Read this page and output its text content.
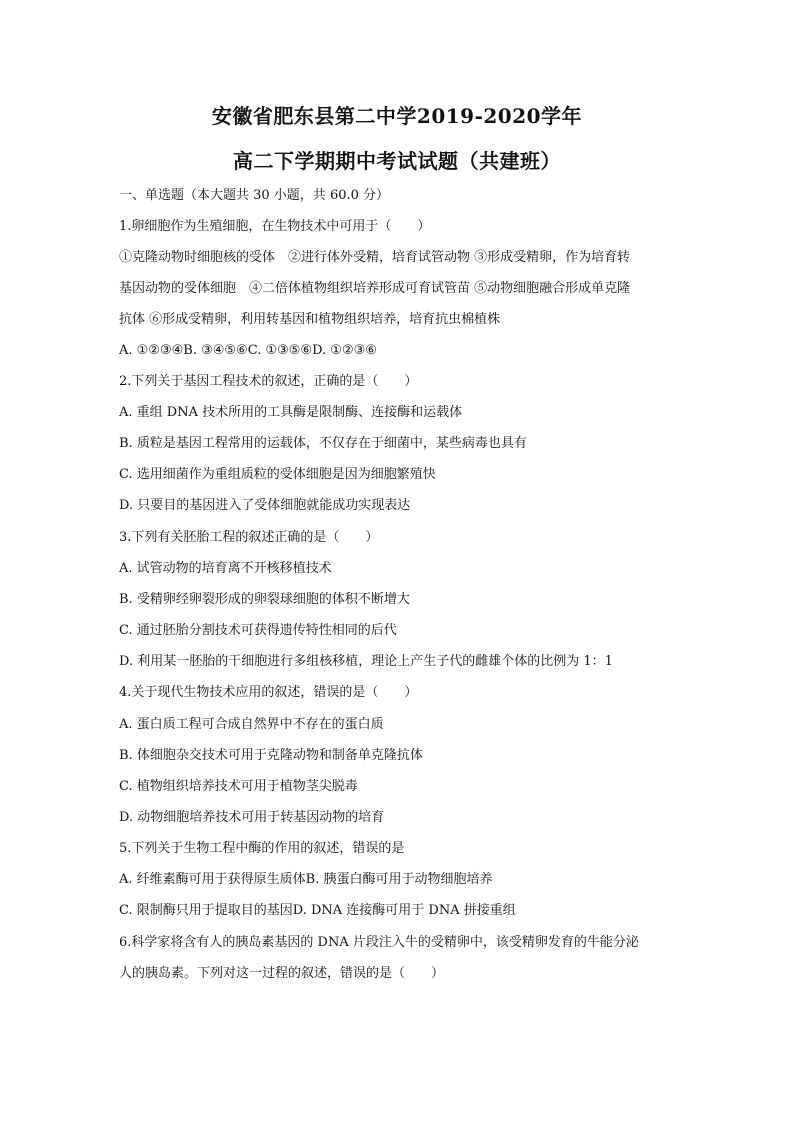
安徽省肥东县第二中学2019-2020学年
高二下学期期中考试试题（共建班）
一、单选题（本大题共 30 小题，共 60.0 分）
1.卵细胞作为生殖细胞，在生物技术中可用于（　　）
①克隆动物时细胞核的受体　②进行体外受精，培育试管动物 ③形成受精卵，作为培育转
基因动物的受体细胞　④二倍体植物组织培养形成可育试管苗 ⑤动物细胞融合形成单克隆
抗体 ⑥形成受精卵，利用转基因和植物组织培养，培育抗虫棉植株
A. ①②③④B. ③④⑤⑥C. ①③⑤⑥D. ①②③⑥
2.下列关于基因工程技术的叙述，正确的是（　　）
A. 重组 DNA 技术所用的工具酶是限制酶、连接酶和运载体
B. 质粒是基因工程常用的运载体，不仅存在于细菌中，某些病毒也具有
C. 选用细菌作为重组质粒的受体细胞是因为细胞繁殖快
D. 只要目的基因进入了受体细胞就能成功实现表达
3.下列有关胚胎工程的叙述正确的是（　　）
A. 试管动物的培育离不开核移植技术
B. 受精卵经卵裂形成的卵裂球细胞的体积不断增大
C. 通过胚胎分割技术可获得遗传特性相同的后代
D. 利用某一胚胎的干细胞进行多组核移植，理论上产生子代的雌雄个体的比例为 1：1
4.关于现代生物技术应用的叙述，错误的是（　　）
A. 蛋白质工程可合成自然界中不存在的蛋白质
B. 体细胞杂交技术可用于克隆动物和制备单克隆抗体
C. 植物组织培养技术可用于植物茎尖脱毒
D. 动物细胞培养技术可用于转基因动物的培育
5.下列关于生物工程中酶的作用的叙述，错误的是
A. 纤维素酶可用于获得原生质体B. 胰蛋白酶可用于动物细胞培养
C. 限制酶只用于提取目的基因D. DNA 连接酶可用于 DNA 拼接重组
6.科学家将含有人的胰岛素基因的 DNA 片段注入牛的受精卵中，该受精卵发育的牛能分泌
人的胰岛素。下列对这一过程的叙述，错误的是（　　）
